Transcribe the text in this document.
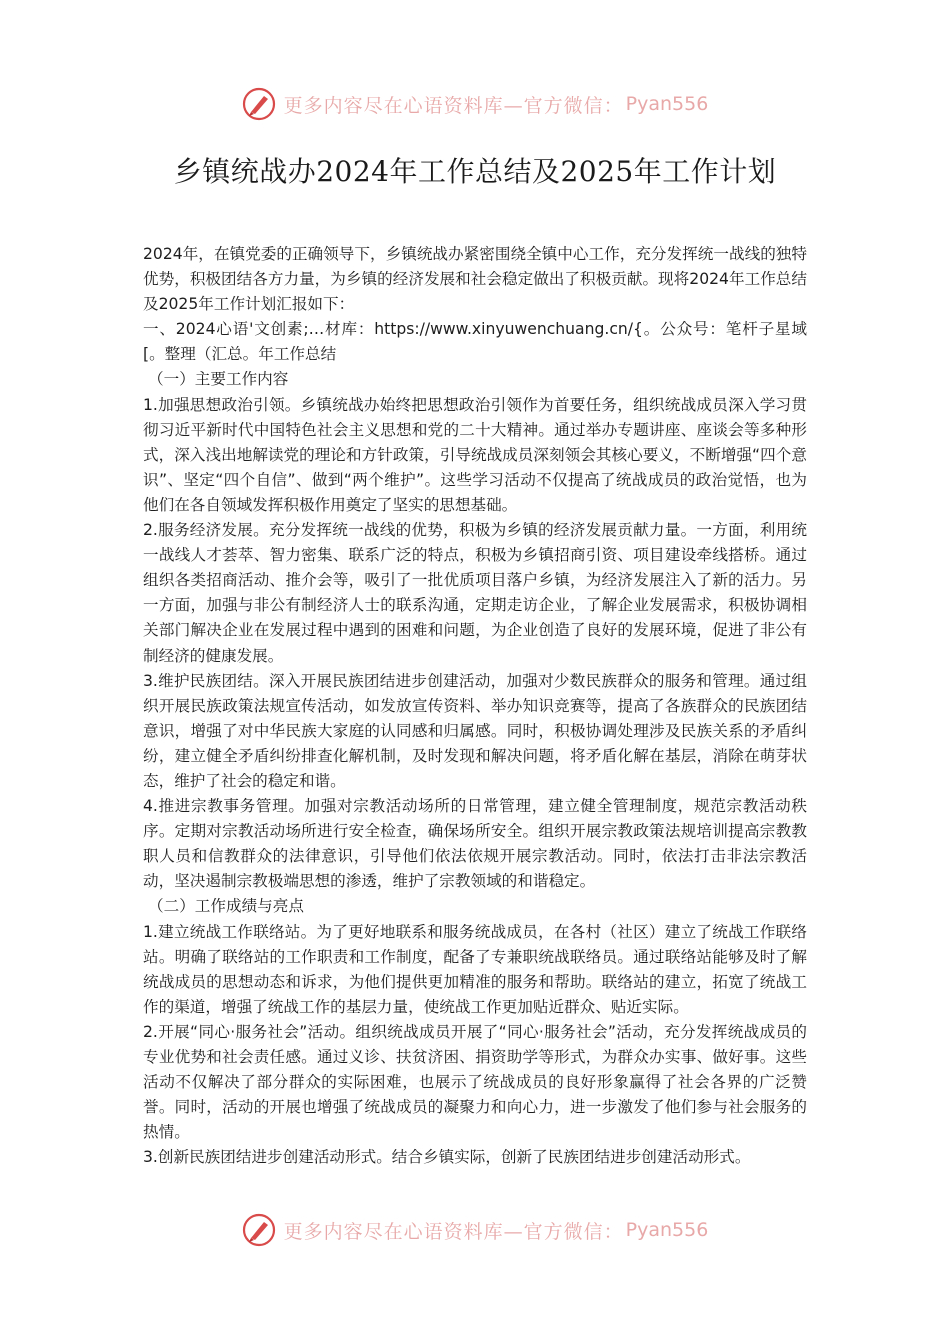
更多内容尽在心语资料库—官方微信： Pyan556
乡镇统战办2024年工作总结及2025年工作计划

2024年，在镇党委的正确领导下，乡镇统战办紧密围绕全镇中心工作，充分发挥统一战线的独特优势，积极团结各方力量，为乡镇的经济发展和社会稳定做出了积极贡献。现将2024年工作总结及2025年工作计划汇报如下：

一、2024心语'文创素;…材库：https://www.xinyuwenchuang.cn/{。公众号：笔杆子星域[。整理（汇总。年工作总结

（一）主要工作内容

1.加强思想政治引领。乡镇统战办始终把思想政治引领作为首要任务，组织统战成员深入学习贯彻习近平新时代中国特色社会主义思想和党的二十大精神。通过举办专题讲座、座谈会等多种形式，深入浅出地解读党的理论和方针政策，引导统战成员深刻领会其核心要义，不断增强“四个意识”、坚定“四个自信”、做到“两个维护”。这些学习活动不仅提高了统战成员的政治觉悟，也为他们在各自领域发挥积极作用奠定了坚实的思想基础。

2.服务经济发展。充分发挥统一战线的优势，积极为乡镇的经济发展贡献力量。一方面，利用统一战线人才荟萃、智力密集、联系广泛的特点，积极为乡镇招商引资、项目建设牵线搭桥。通过组织各类招商活动、推介会等，吸引了一批优质项目落户乡镇，为经济发展注入了新的活力。另一方面，加强与非公有制经济人士的联系沟通，定期走访企业，了解企业发展需求，积极协调相关部门解决企业在发展过程中遇到的困难和问题，为企业创造了良好的发展环境，促进了非公有制经济的健康发展。

3.维护民族团结。深入开展民族团结进步创建活动，加强对少数民族群众的服务和管理。通过组织开展民族政策法规宣传活动，如发放宣传资料、举办知识竞赛等，提高了各族群众的民族团结意识，增强了对中华民族大家庭的认同感和归属感。同时，积极协调处理涉及民族关系的矛盾纠纷，建立健全矛盾纠纷排查化解机制，及时发现和解决问题，将矛盾化解在基层，消除在萌芽状态，维护了社会的稳定和谐。

4.推进宗教事务管理。加强对宗教活动场所的日常管理，建立健全管理制度，规范宗教活动秩序。定期对宗教活动场所进行安全检查，确保场所安全。组织开展宗教政策法规培训提高宗教教职人员和信教群众的法律意识，引导他们依法依规开展宗教活动。同时，依法打击非法宗教活动，坚决遏制宗教极端思想的渗透，维护了宗教领域的和谐稳定。

（二）工作成绩与亮点

1.建立统战工作联络站。为了更好地联系和服务统战成员，在各村（社区）建立了统战工作联络站。明确了联络站的工作职责和工作制度，配备了专兼职统战联络员。通过联络站能够及时了解统战成员的思想动态和诉求，为他们提供更加精准的服务和帮助。联络站的建立，拓宽了统战工作的渠道，增强了统战工作的基层力量，使统战工作更加贴近群众、贴近实际。

2.开展“同心·服务社会”活动。组织统战成员开展了“同心·服务社会”活动，充分发挥统战成员的专业优势和社会责任感。通过义诊、扶贫济困、捐资助学等形式，为群众办实事、做好事。这些活动不仅解决了部分群众的实际困难，也展示了统战成员的良好形象赢得了社会各界的广泛赞誉。同时，活动的开展也增强了统战成员的凝聚力和向心力，进一步激发了他们参与社会服务的热情。

3.创新民族团结进步创建活动形式。结合乡镇实际，创新了民族团结进步创建活动形式。

更多内容尽在心语资料库—官方微信： Pyan556
